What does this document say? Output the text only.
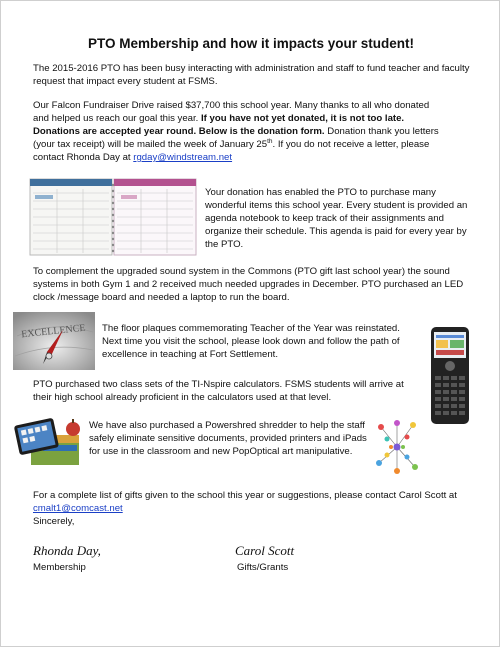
PTO Membership and how it impacts your student!
The 2015-2016 PTO has been busy interacting with administration and staff to fund teacher and faculty request that impact every student at FSMS.
Our Falcon Fundraiser Drive raised $37,700 this school year. Many thanks to all who donated
and helped us reach our goal this year. If you have not yet donated, it is not too late.
Donations are accepted year round. Below is the donation form. Donation thank you letters
(your tax receipt) will be mailed the week of January 25th. If you do not receive a letter, please
contact Rhonda Day at rgday@windstream.net
Your donation has enabled the PTO to purchase many wonderful items this school year. Every student is provided an agenda notebook to keep track of their assignments and organize their schedule. This agenda is paid for every year by the PTO.
To complement the upgraded sound system in the Commons (PTO gift last school year) the sound systems in both Gym 1 and 2 received much needed upgrades in December. PTO purchased an LED clock /message board and needed a laptop to run the board.
EXCELLENCE The floor plaques commemorating Teacher of the Year was reinstated. Next time you visit the school, please look down and follow the path of excellence in teaching at Fort Settlement.
PTO purchased two class sets of the TI-Nspire calculators. FSMS students will arrive at their high school already proficient in the calculators used at that level.
We have also purchased a Powershred shredder to help the staff safely eliminate sensitive documents, provided printers and iPads for use in the classroom and new PopOptical art manipulative.
For a complete list of gifts given to the school this year or suggestions, please contact Carol Scott at cmalt1@comcast.net
Sincerely,
Rhonda Day,
Membership
Carol Scott
Gifts/Grants
